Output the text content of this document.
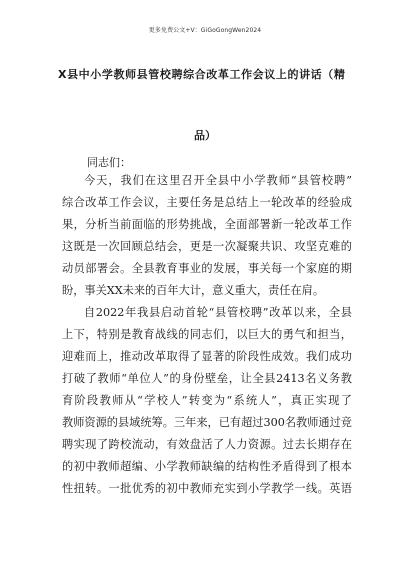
更多免费公文+V：GiGoGongWen2024
X县中小学教师县管校聘综合改革工作会议上的讲话（精
品）
同志们：
今天，我们在这里召开全县中小学教师“县管校聘”
综合改革工作会议，主要任务是总结上一轮改革的经验成
果，分析当前面临的形势挑战，全面部署新一轮改革工作
这既是一次回顾总结会，更是一次凝聚共识、攻坚克难的
动员部署会。全县教育事业的发展，事关每一个家庭的期
盼，事关XX未来的百年大计，意义重大，责任在肩。
自2022年我县启动首轮“县管校聘”改革以来，全县
上下，特别是教育战线的同志们，以巨大的勇气和担当，
迎难而上，推动改革取得了显著的阶段性成效。我们成功
打破了教师“单位人”的身份壁垒，让全县2413名义务教
育阶段教师从“学校人”转变为“系统人”，真正实现了
教师资源的县域统筹。三年来，已有超过300名教师通过竞
聘实现了跨校流动，有效盘活了人力资源。过去长期存在
的初中教师超编、小学教师缺编的结构性矛盾得到了根本
性扭转。一批优秀的初中教师充实到小学教学一线。英语
